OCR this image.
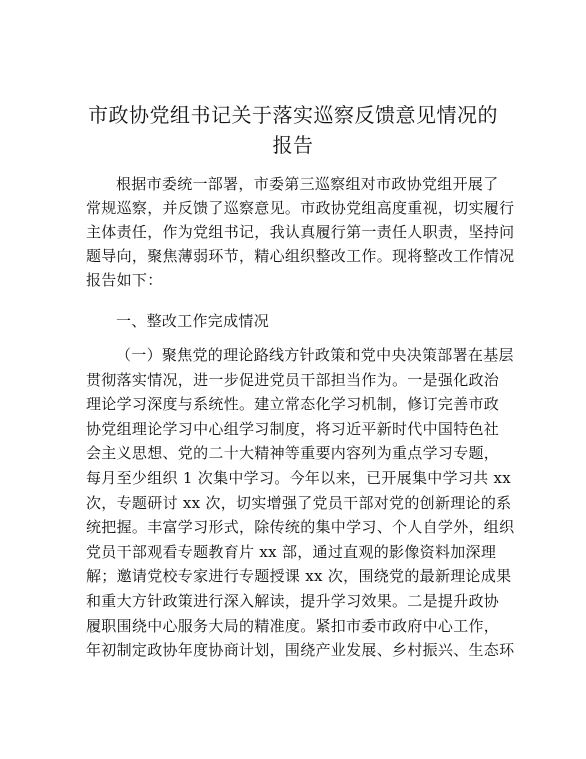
市政协党组书记关于落实巡察反馈意见情况的
报告
根据市委统一部署，市委第三巡察组对市政协党组开展了
常规巡察，并反馈了巡察意见。市政协党组高度重视，切实履行
主体责任，作为党组书记，我认真履行第一责任人职责，坚持问
题导向，聚焦薄弱环节，精心组织整改工作。现将整改工作情况
报告如下：
一、整改工作完成情况
（一）聚焦党的理论路线方针政策和党中央决策部署在基层
贯彻落实情况，进一步促进党员干部担当作为。一是强化政治
理论学习深度与系统性。建立常态化学习机制，修订完善市政
协党组理论学习中心组学习制度，将习近平新时代中国特色社
会主义思想、党的二十大精神等重要内容列为重点学习专题，
每月至少组织 1 次集中学习。今年以来，已开展集中学习共 xx
次，专题研讨 xx 次，切实增强了党员干部对党的创新理论的系
统把握。丰富学习形式，除传统的集中学习、个人自学外，组织
党员干部观看专题教育片 xx 部，通过直观的影像资料加深理
解；邀请党校专家进行专题授课 xx 次，围绕党的最新理论成果
和重大方针政策进行深入解读，提升学习效果。二是提升政协
履职围绕中心服务大局的精准度。紧扣市委市政府中心工作，
年初制定政协年度协商计划，围绕产业发展、乡村振兴、生态环
